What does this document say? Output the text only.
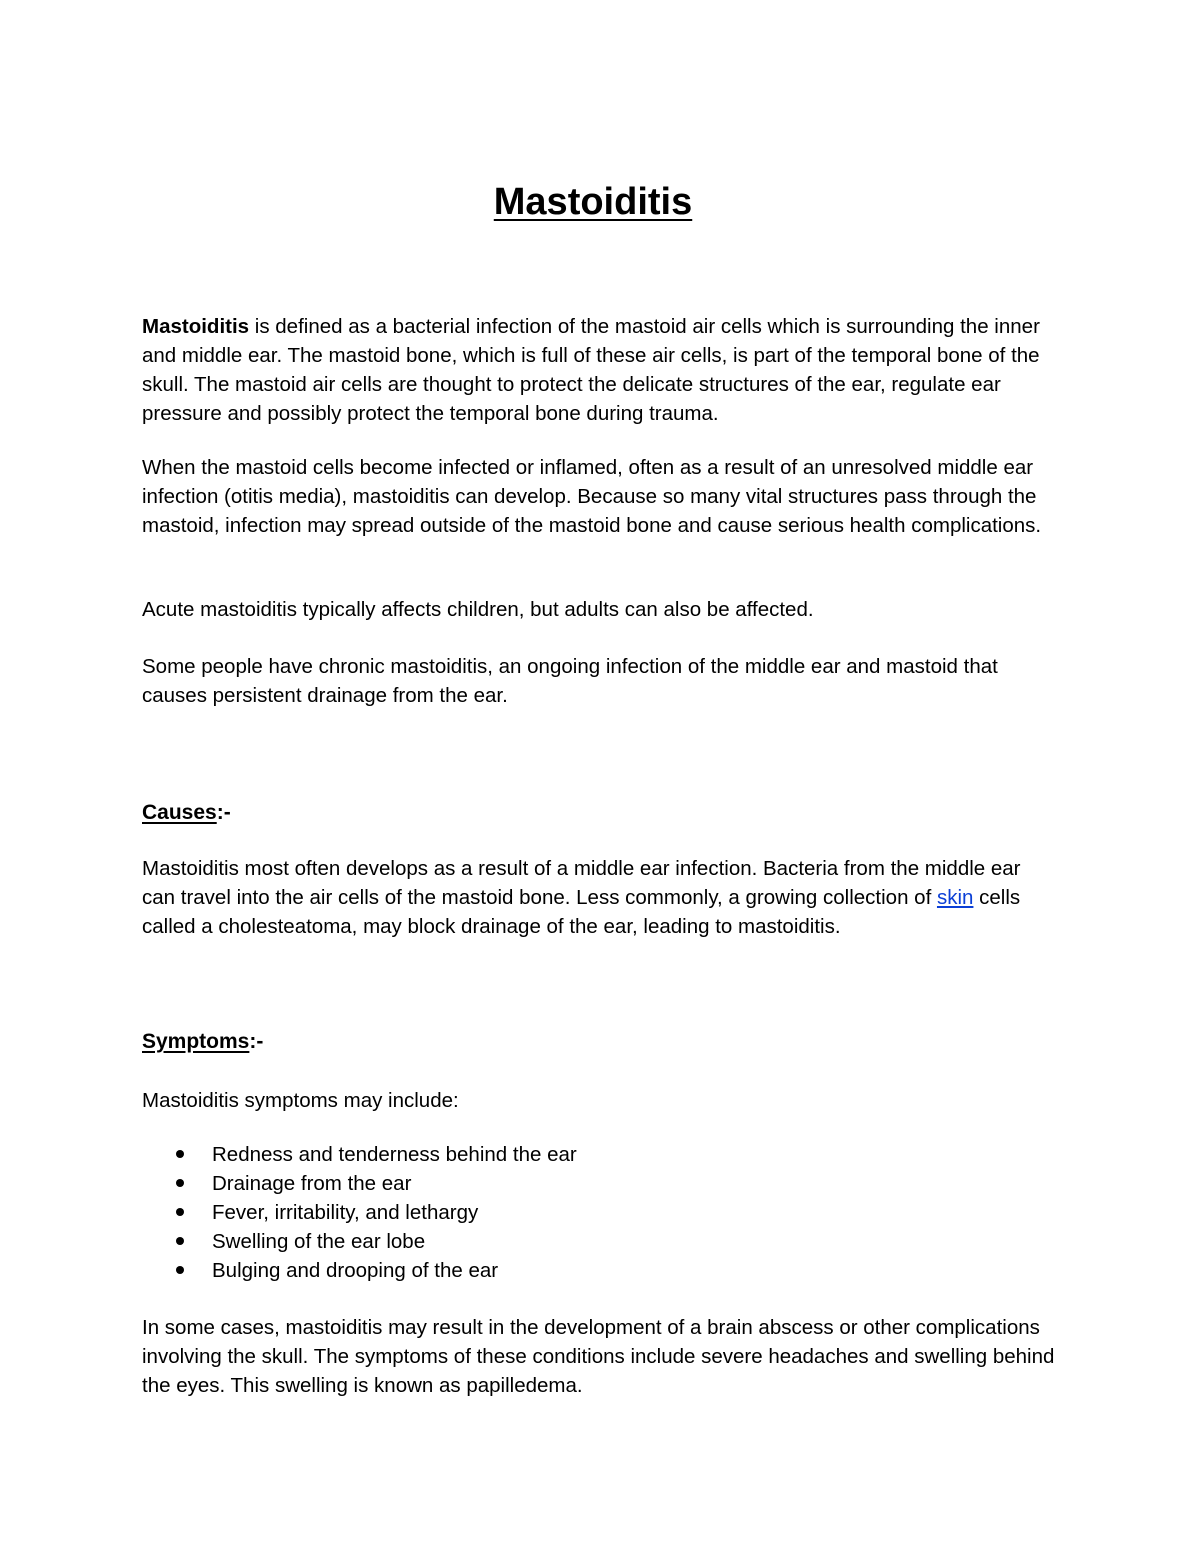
Mastoiditis

Mastoiditis is defined as a bacterial infection of the mastoid air cells which is surrounding the inner and middle ear. The mastoid bone, which is full of these air cells, is part of the temporal bone of the skull. The mastoid air cells are thought to protect the delicate structures of the ear, regulate ear pressure and possibly protect the temporal bone during trauma.

When the mastoid cells become infected or inflamed, often as a result of an unresolved middle ear infection (otitis media), mastoiditis can develop. Because so many vital structures pass through the mastoid, infection may spread outside of the mastoid bone and cause serious health complications.

Acute mastoiditis typically affects children, but adults can also be affected.

Some people have chronic mastoiditis, an ongoing infection of the middle ear and mastoid that causes persistent drainage from the ear.

Causes:-

Mastoiditis most often develops as a result of a middle ear infection. Bacteria from the middle ear can travel into the air cells of the mastoid bone. Less commonly, a growing collection of skin cells called a cholesteatoma, may block drainage of the ear, leading to mastoiditis.

Symptoms:-

Mastoiditis symptoms may include:

Redness and tenderness behind the ear
Drainage from the ear
Fever, irritability, and lethargy
Swelling of the ear lobe
Bulging and drooping of the ear

In some cases, mastoiditis may result in the development of a brain abscess or other complications involving the skull. The symptoms of these conditions include severe headaches and swelling behind the eyes. This swelling is known as papilledema.
